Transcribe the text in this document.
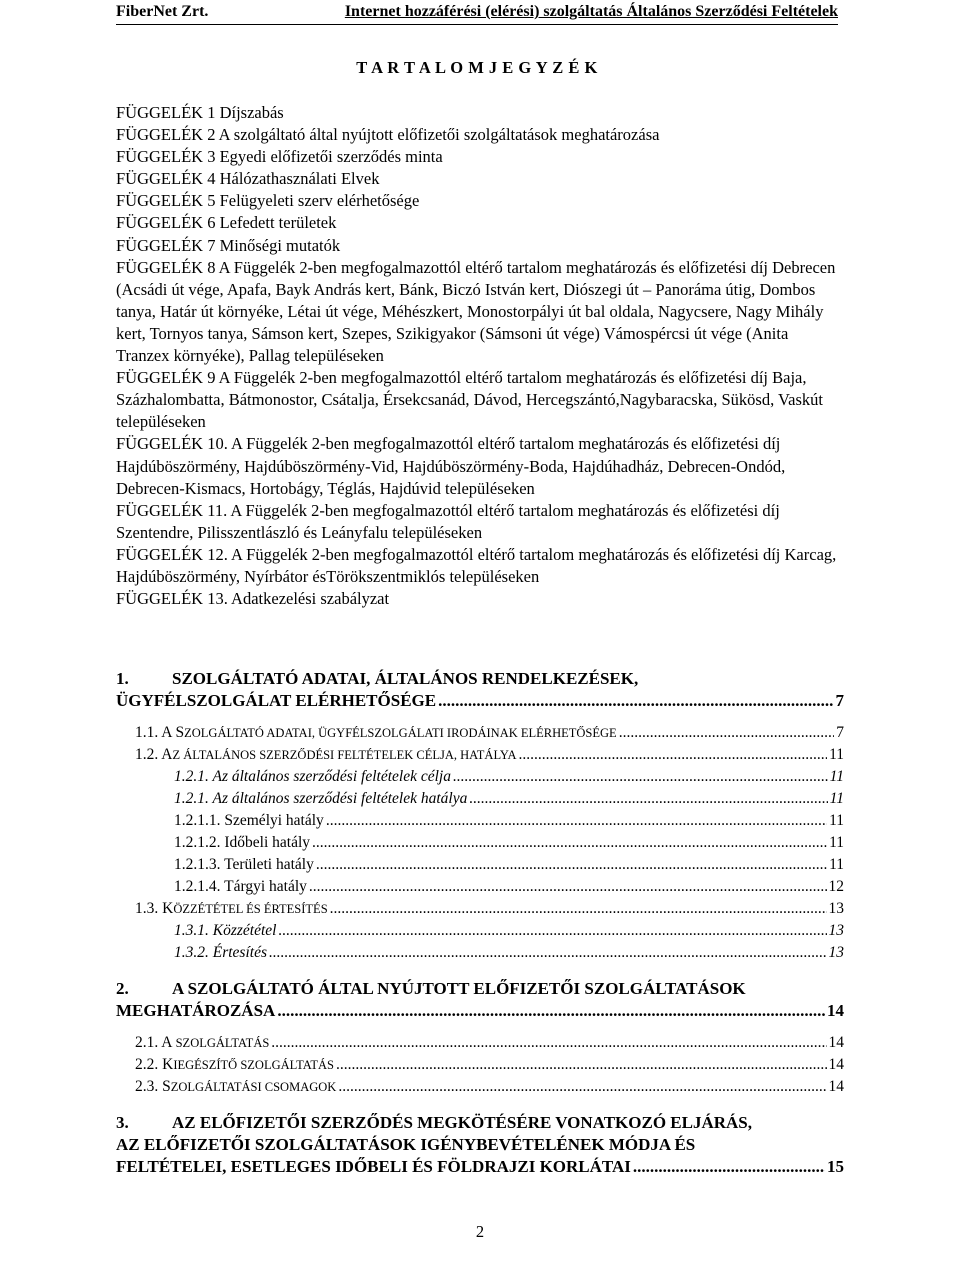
FiberNet Zrt.	Internet hozzáférési (elérési) szolgáltatás Általános Szerződési Feltételek
T A R T A L O M J E G Y Z É K
FÜGGELÉK 1 Díjszabás
FÜGGELÉK 2 A szolgáltató által nyújtott előfizetői szolgáltatások meghatározása
FÜGGELÉK 3 Egyedi előfizetői szerződés minta
FÜGGELÉK 4 Hálózathasználati Elvek
FÜGGELÉK 5 Felügyeleti szerv elérhetősége
FÜGGELÉK 6 Lefedett területek
FÜGGELÉK 7 Minőségi mutatók
FÜGGELÉK 8 A Függelék 2-ben megfogalmazottól eltérő tartalom meghatározás és előfizetési díj Debrecen (Acsádi út vége, Apafa, Bayk András kert, Bánk, Biczó István kert, Diószegi út – Panoráma útig, Dombos tanya, Határ út környéke, Létai út vége, Méhészkert, Monostorpályi út bal oldala, Nagycsere, Nagy Mihály kert, Tornyos tanya, Sámson kert, Szepes, Szikigyakor (Sámsoni út vége) Vámospércsi út vége (Anita Tranzex környéke), Pallag településeken
FÜGGELÉK 9 A Függelék 2-ben megfogalmazottól eltérő tartalom meghatározás és előfizetési díj Baja, Százhalombatta, Bátmonostor, Csátalja, Érsekcsanád, Dávod, Hercegszántó,Nagybaracska, Sükösd, Vaskút településeken
FÜGGELÉK 10. A Függelék 2-ben megfogalmazottól eltérő tartalom meghatározás és előfizetési díj Hajdúböszörmény, Hajdúböszörmény-Vid, Hajdúböszörmény-Boda, Hajdúhadház, Debrecen-Ondód, Debrecen-Kismacs, Hortobágy, Téglás, Hajdúvid településeken
FÜGGELÉK 11. A Függelék 2-ben megfogalmazottól eltérő tartalom meghatározás és előfizetési díj Szentendre, Pilisszentlászló és Leányfalu településeken
FÜGGELÉK 12. A Függelék 2-ben megfogalmazottól eltérő tartalom meghatározás és előfizetési díj Karcag, Hajdúböszörmény, Nyírbátor ésTörökszentmiklós településeken
FÜGGELÉK 13. Adatkezelési szabályzat
1.	SZOLGÁLTATÓ ADATAI, ÁLTALÁNOS RENDELKEZÉSEK,
ÜGYFÉLSZOLGÁLAT ELÉRHETŐSÉGE .....	7
1.1. A SZOLGÁLTATÓ ADATAI, ÜGYFÉLSZOLGÁLATI IRODÁINAK ELÉRHETŐSÉGE .....	7
1.2. AZ ÁLTALÁNOS SZERZŐDÉSI FELTÉTELEK CÉLJA, HATÁLYA .....	11
1.2.1. Az általános szerződési feltételek célja .....	11
1.2.1. Az általános szerződési feltételek hatálya .....	11
1.2.1.1. Személyi hatály .....	11
1.2.1.2. Időbeli hatály .....	11
1.2.1.3. Területi hatály .....	11
1.2.1.4. Tárgyi hatály .....	12
1.3. KÖZZÉTÉTEL ÉS ÉRTESÍTÉS .....	13
1.3.1. Közzététel .....	13
1.3.2. Értesítés .....	13
2.	A SZOLGÁLTATÓ ÁLTAL NYÚJTOTT ELŐFIZETŐI SZOLGÁLTATÁSOK
MEGHATÁROZÁSA .....	14
2.1. A SZOLGÁLTATÁS .....	14
2.2. KIEGÉSZÍTŐ SZOLGÁLTATÁS .....	14
2.3. SZOLGÁLTATÁSI CSOMAGOK .....	14
3.	AZ ELŐFIZETŐI SZERZŐDÉS MEGKÖTÉSÉRE VONATKOZÓ ELJÁRÁS,
AZ ELŐFIZETŐI SZOLGÁLTATÁSOK IGÉNYBEVÉTELÉNEK MÓDJA ÉS
FELTÉTELEI, ESETLEGES IDŐBELI ÉS FÖLDRAJZI KORLÁTAI .....	15
2
